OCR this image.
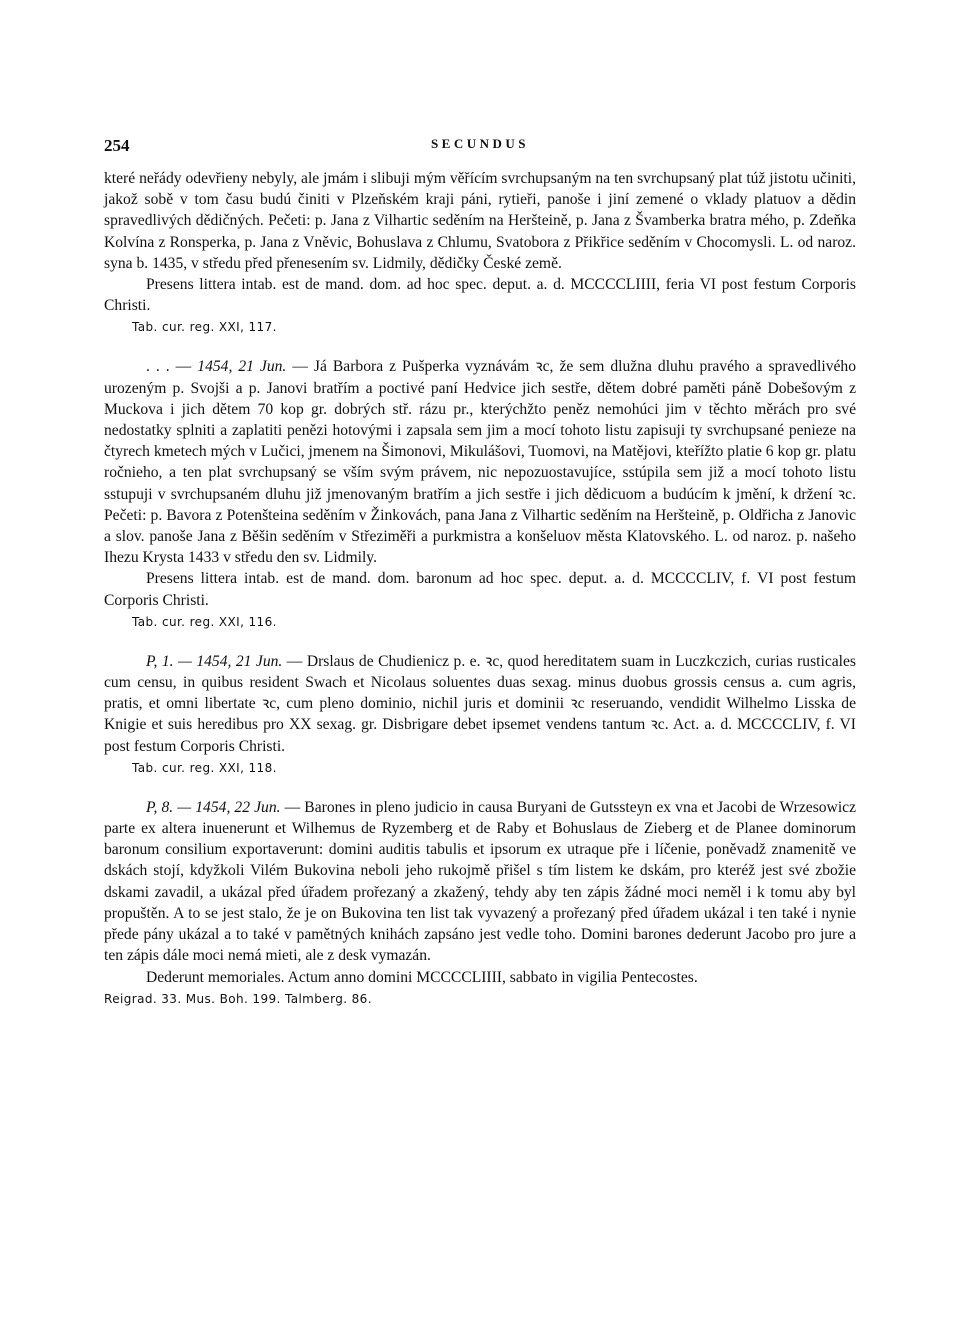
254	SECUNDUS

které neřády odevřieny nebyly, ale jmám i slibuji mým věřícím svrchupsaným na ten svrchupsaný plat túž jistotu učiniti, jakož sobě v tom času budú činiti v Plzeňském kraji páni, rytieři, panoše i jiní zemené o vklady platuov a dědin spravedlivých dědičných. Pečeti: p. Jana z Vilhartic seděním na Heršteině, p. Jana z Švamberka bratra mého, p. Zdeňka Kolvína z Ronsperka, p. Jana z Vněvic, Bohuslava z Chlumu, Svatobora z Přikřice seděním v Chocomysli. L. od naroz. syna b. 1435, v středu před přenesením sv. Lidmily, dědičky České země.

Presens littera intab. est de mand. dom. ad hoc spec. deput. a. d. MCCCCLIIII, feria VI post festum Corporis Christi.

Tab. cur. reg. XXI, 117.

. . . — 1454, 21 Jun. — Já Barbora z Pušperka vyznávám ꝛc, že sem dlužna dluhu pravého a spravedlivého urozeným p. Svojši a p. Janovi bratřím a poctivé paní Hedvice jich sestře, dětem dobré paměti páně Dobešovým z Muckova i jich dětem 70 kop gr. dobrých stř. rázu pr., kterýchžto peněz nemohúci jim v těchto měrách pro své nedostatky splniti a zaplatiti penězi hotovými i zapsala sem jim a mocí tohoto listu zapisuji ty svrchupsané penieze na čtyrech kmetech mých v Lučici, jmenem na Šimonovi, Mikulášovi, Tuomovi, na Matějovi, kteřížto platie 6 kop gr. platu ročnieho, a ten plat svrchupsaný se vším svým právem, nic nepozuostavujíce, sstúpila sem již a mocí tohoto listu sstupuji v svrchupsaném dluhu již jmenovaným bratřím a jich sestře i jich dědicuom a budúcím k jmění, k držení ꝛc. Pečeti: p. Bavora z Potenšteina seděním v Žinkovách, pana Jana z Vilhartic seděním na Heršteině, p. Oldřicha z Janovic a slov. panoše Jana z Běšin seděním v Střeziměři a purkmistra a konšeluov města Klatovského. L. od naroz. p. našeho Ihezu Krysta 1433 v středu den sv. Lidmily.

Presens littera intab. est de mand. dom. baronum ad hoc spec. deput. a. d. MCCCCLIV, f. VI post festum Corporis Christi.

Tab. cur. reg. XXI, 116.

P, 1. — 1454, 21 Jun. — Drslaus de Chudienicz p. e. ꝛc, quod hereditatem suam in Luczkczich, curias rusticales cum censu, in quibus resident Swach et Nicolaus soluentes duas sexag. minus duobus grossis census a. cum agris, pratis, et omni libertate ꝛc, cum pleno dominio, nichil juris et dominii ꝛc reseruando, vendidit Wilhelmo Lisska de Knigie et suis heredibus pro XX sexag. gr. Disbrigare debet ipsemet vendens tantum ꝛc. Act. a. d. MCCCCLIV, f. VI post festum Corporis Christi.

Tab. cur. reg. XXI, 118.

P, 8. — 1454, 22 Jun. — Barones in pleno judicio in causa Buryani de Gutssteyn ex vna et Jacobi de Wrzesowicz parte ex altera inuenerunt et Wilhemus de Ryzemberg et de Raby et Bohuslaus de Zieberg et de Planee dominorum baronum consilium exportaverunt: domini auditis tabulis et ipsorum ex utraque pře i líčenie, poněvadž znamenitě ve dskách stojí, kdyžkoli Vilém Bukovina neboli jeho rukojmě přišel s tím listem ke dskám, pro kteréž jest své zbožie dskami zavadil, a ukázal před úřadem prořezaný a zkažený, tehdy aby ten zápis žádné moci neměl i k tomu aby byl propuštěn. A to se jest stalo, že je on Bukovina ten list tak vyvazený a prořezaný před úřadem ukázal i ten také i nynie přede pány ukázal a to také v pamětných knihách zapsáno jest vedle toho. Domini barones dederunt Jacobo pro jure a ten zápis dále moci nemá mieti, ale z desk vymazán.

Dederunt memoriales. Actum anno domini MCCCCLIIII, sabbato in vigilia Pentecostes.

Reigrad. 33. Mus. Boh. 199. Talmberg. 86.
